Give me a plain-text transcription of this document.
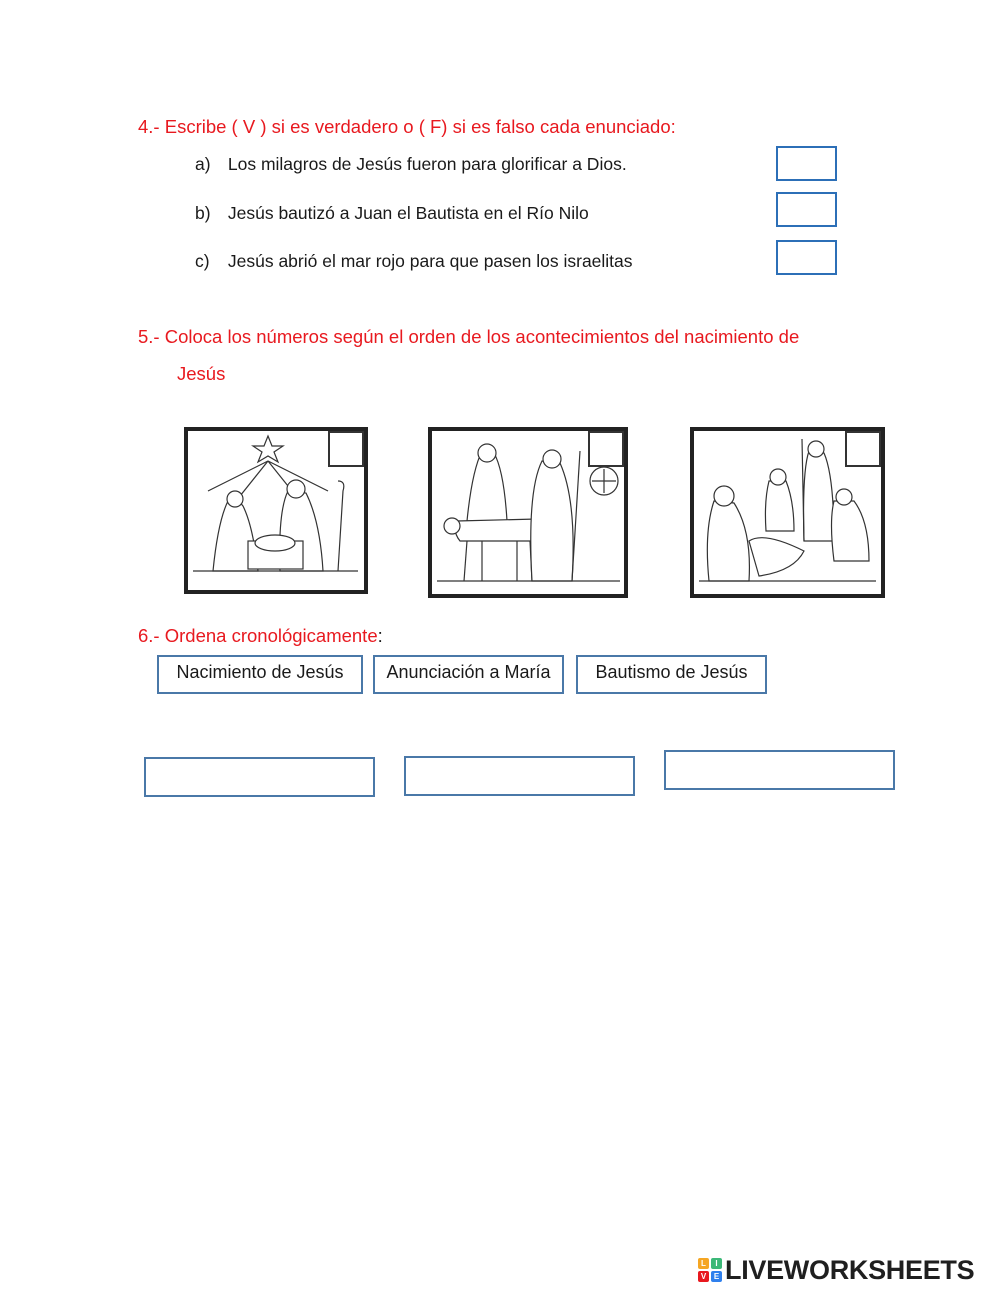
4.- Escribe ( V ) si es verdadero o ( F) si es falso cada enunciado:
a) Los milagros de Jesús fueron para glorificar a Dios.
b) Jesús bautizó a Juan el Bautista en el Río Nilo
c) Jesús abrió el mar rojo para que pasen los israelitas
5.- Coloca los números según el orden de los acontecimientos del nacimiento de
Jesús
6.- Ordena cronológicamente:
Nacimiento de Jesús	Anunciación a María	Bautismo de Jesús
L	I
V E LIVEWORKSHEETS
